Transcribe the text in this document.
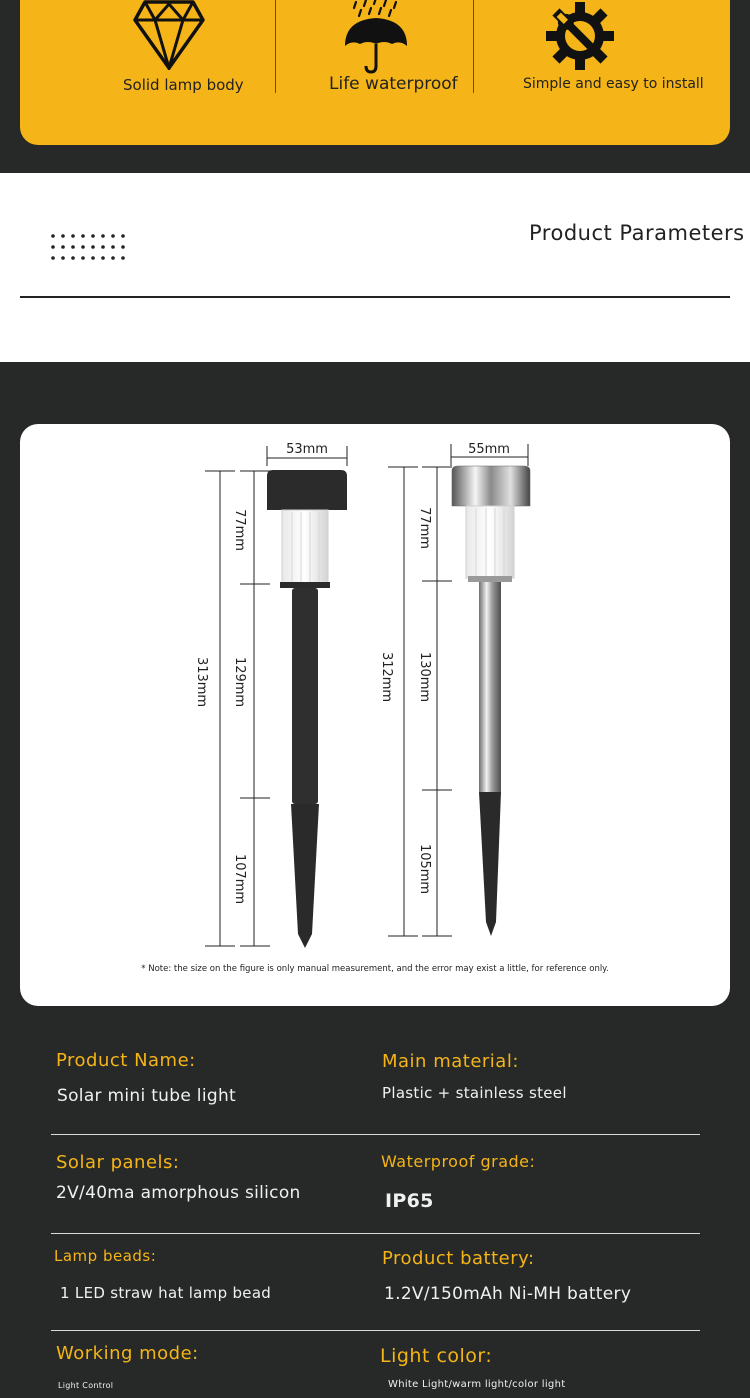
Solid lamp body	Life waterproof	Simple and easy to install
Product Parameters
53mm
313mm
77mm
129mm
107mm
55mm
312mm
77mm
130mm
105mm
* Note: the size on the figure is only manual measurement, and the error may exist a little, for reference only.
Product Name:
Solar mini tube light
Main material:
Plastic + stainless steel
Solar panels:
2V/40ma amorphous silicon
Waterproof grade:
IP65
Lamp beads:
1 LED straw hat lamp bead
Product battery:
1.2V/150mAh Ni-MH battery
Working mode:
Light Control
Light color:
White Light/warm light/color light
